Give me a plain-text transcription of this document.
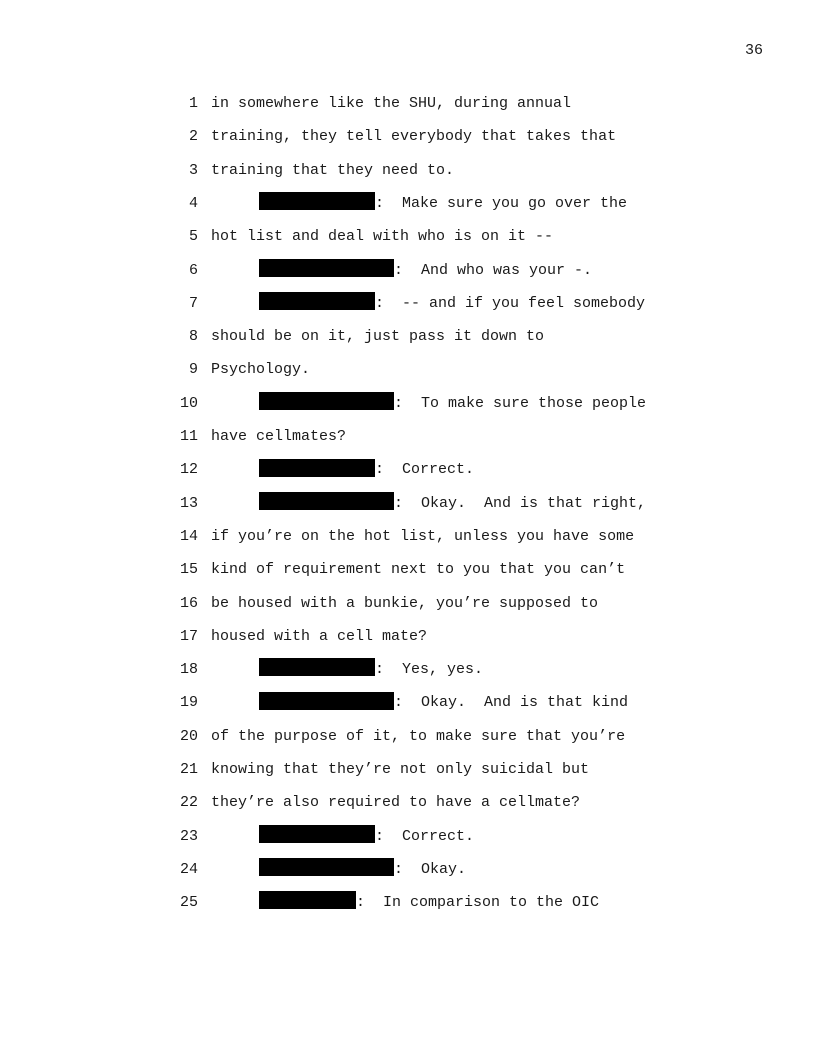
36
1 in somewhere like the SHU, during annual
2 training, they tell everybody that takes that
3 training that they need to.
4	:  Make sure you go over the
5 hot list and deal with who is on it --
6	:  And who was your -.
7	:  -- and if you feel somebody
8 should be on it, just pass it down to
9 Psychology.
10	:  To make sure those people
11 have cellmates?
12	:  Correct.
13	:  Okay.  And is that right,
14 if you’re on the hot list, unless you have some
15 kind of requirement next to you that you can’t
16 be housed with a bunkie, you’re supposed to
17 housed with a cell mate?
18	:  Yes, yes.
19	:  Okay.  And is that kind
20 of the purpose of it, to make sure that you’re
21 knowing that they’re not only suicidal but
22 they’re also required to have a cellmate?
23	:  Correct.
24	:  Okay.
25	:  In comparison to the OIC
